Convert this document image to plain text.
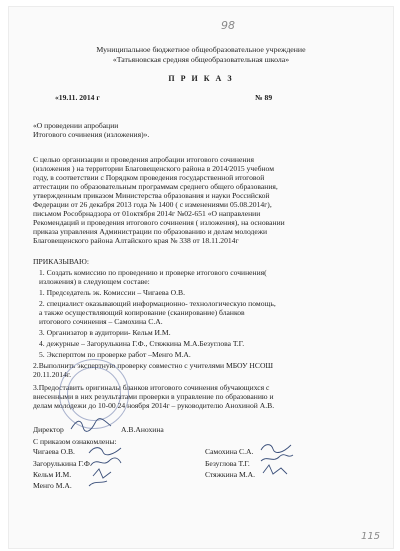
98
Муниципальное бюджетное общеобразовательное учреждение
«Татьяновская средняя общеобразовательная школа»
П Р И К А З
«19.11. 2014 г	№ 89
«О проведении апробации
Итогового сочинения (изложения)».
С целью организации и проведения апробации итогового сочинения
(изложения ) на территории Благовещенского района в 2014/2015 учебном
году, в соответствии с Порядком проведения государственной итоговой
аттестации по образовательным программам среднего общего образования,
утвержденным приказом Министерства образования и науки Российской
Федерации от 26 декабря 2013 года № 1400 ( с изменениями 05.08.2014г),
письмом Рособрнадзора от 01октября 2014г №02-651 «О направлении
Рекомендаций и проведения итогового сочинения ( изложения), на основании
приказа управления Администрации по образованию и делам молодежи
Благовещенского района Алтайского края № 338 от 18.11.2014г
ПРИКАЗЫВАЮ:
1. Создать комиссию по проведению и проверке итогового сочинения(
изложения) в следующем составе:
1. Председатель эк. Комиссии – Чигаева О.В.
2. специалист оказывающий информационно- технологическую помощь,
а также осуществляющий копирование (сканирование) бланков
итогового сочинения – Самохина С.А.
3. Организатор в аудитории- Кельм И.М.
4. дежурные – Загорулькина Г.Ф., Стяжкина М.А.Безуглова Т.Г.
5. Эксперптом по проверке работ –Менго М.А.
2.Выполнить экспертную проверку совместно с учителями МБОУ НСОШ
20.11.2014г.
3.Предоставить оригиналы бланков итогового сочинения обучающихся с
внесенными в них результатами проверки в управление по образованию и
делам молодежи до 10-00 24 ноября 2014г – руководителю Анохиной А.В.
Директор	А.В.Анохина
С приказом ознакомлены:
Чигаева О.В.
Загорулькина Г.Ф.
Кельм И.М.
Менго М.А.
Самохина С.А.
Безуглова Т.Г.
Стяжкина М.А.
115
